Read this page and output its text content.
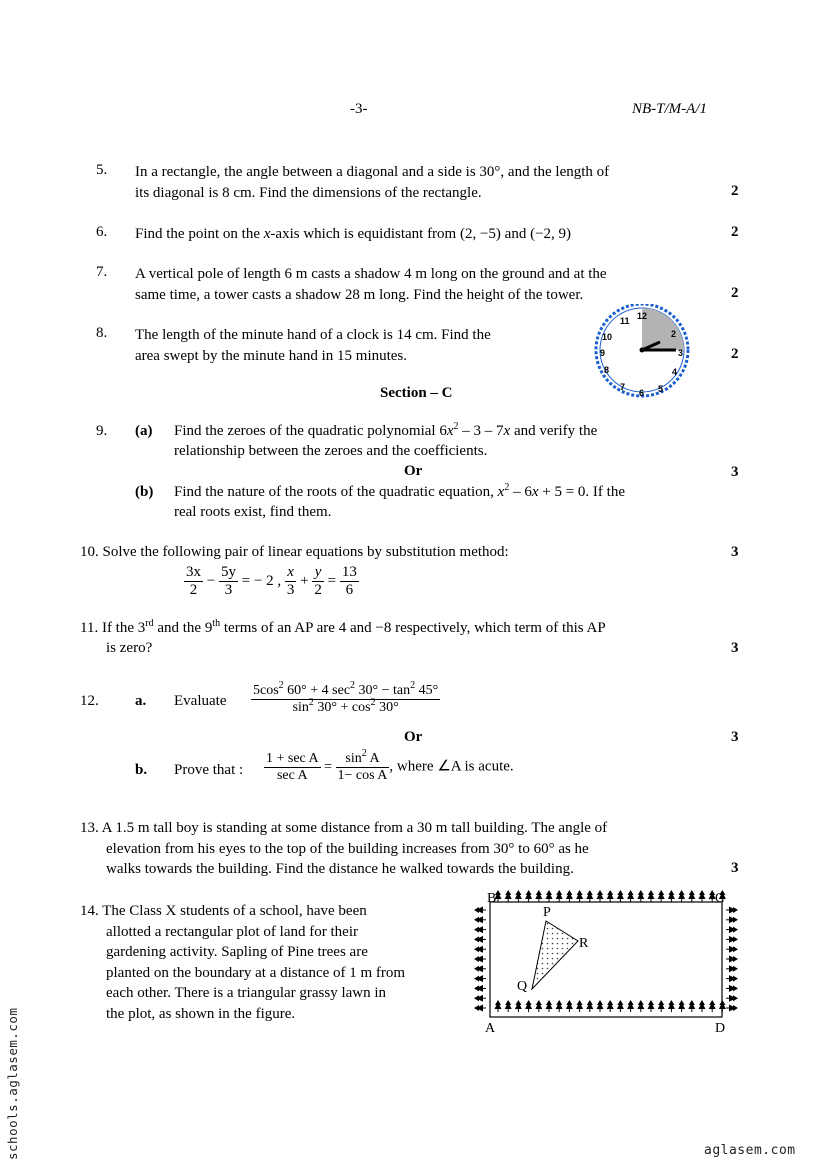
-3-	NB-T/M-A/1
5. In a rectangle, the angle between a diagonal and a side is 30°, and the length of
its diagonal is 8 cm. Find the dimensions of the rectangle.	2
6. Find the point on the x-axis which is equidistant from (2, −5) and (−2, 9)	2
7. A vertical pole of length 6 m casts a shadow 4 m long on the ground and at the
same time, a tower casts a shadow 28 m long. Find the height of the tower.	2
8. The length of the minute hand of a clock is 14 cm. Find the
area swept by the minute hand in 15 minutes.	2
12
11
2
10
9	3
8	4
7
6 5
Section – C
9. (a) Find the zeroes of the quadratic polynomial $6x^2 - 3 - 7x$ and verify the
relationship between the zeroes and the coefficients.
Or	3
(b) Find the nature of the roots of the quadratic equation, $x^2 - 6x + 5 = 0$. If the
real roots exist, find them.
10. Solve the following pair of linear equations by substitution method:	3
$\frac{3x}{2} - \frac{5y}{3}$ = − 2 , $\frac{x}{3} + \frac{y}{2} = \frac{13}{6}$
11. If the 3rd and the 9th terms of an AP are 4 and −8 respectively, which term of this AP
is zero?	3
12. a. Evaluate $\frac{5\cos^2 60^\circ + 4 \sec^2 30^\circ - \tan^2 45^\circ}{\sin^2 30^\circ + \cos^2 30^\circ}$
Or	3
b. Prove that : $\frac{\text{1 + sec A}}{\text{sec A}} = \frac{\sin^2 A}{\text{1− cos A}}$ , where ∠A is acute.
13. A 1.5 m tall boy is standing at some distance from a 30 m tall building. The angle of
elevation from his eyes to the top of the building increases from 30° to 60° as he
walks towards the building. Find the distance he walked towards the building.	3
14. The Class X students of a school, have been
allotted a rectangular plot of land for their
gardening activity. Sapling of Pine trees are
planted on the boundary at a distance of 1 m from
each other. There is a triangular grassy lawn in
the plot, as shown in the figure.
B	C
A	D
P
Q
R
schools.aglasem.com	aglasem.com
